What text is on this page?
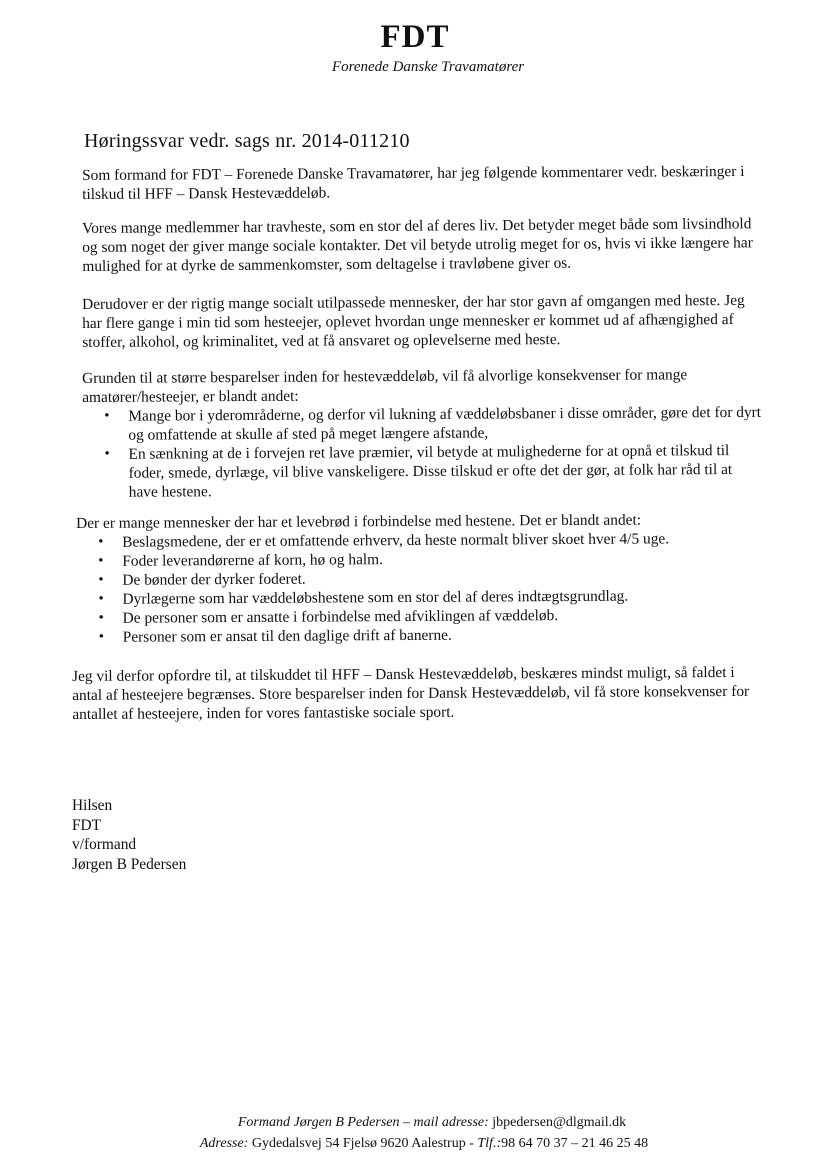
FDT
Forenede Danske Travamatører
Høringssvar vedr. sags nr. 2014-011210

Som formand for FDT – Forenede Danske Travamatører, har jeg følgende kommentarer vedr. beskæringer i tilskud til HFF – Dansk Hestevæddeløb.

Vores mange medlemmer har travheste, som en stor del af deres liv. Det betyder meget både som livsindhold og som noget der giver mange sociale kontakter. Det vil betyde utrolig meget for os, hvis vi ikke længere har mulighed for at dyrke de sammenkomster, som deltagelse i travløbene giver os.

Derudover er der rigtig mange socialt utilpassede mennesker, der har stor gavn af omgangen med heste. Jeg har flere gange i min tid som hesteejer, oplevet hvordan unge mennesker er kommet ud af afhængighed af stoffer, alkohol, og kriminalitet, ved at få ansvaret og oplevelserne med heste.

Grunden til at større besparelser inden for hestevæddeløb, vil få alvorlige konsekvenser for mange amatører/hesteejer, er blandt andet:
• Mange bor i yderområderne, og derfor vil lukning af væddeløbsbaner i disse områder, gøre det for dyrt og omfattende at skulle af sted på meget længere afstande,
• En sænkning at de i forvejen ret lave præmier, vil betyde at mulighederne for at opnå et tilskud til foder, smede, dyrlæge, vil blive vanskeligere. Disse tilskud er ofte det der gør, at folk har råd til at have hestene.
Der er mange mennesker der har et levebrød i forbindelse med hestene. Det er blandt andet:
• Beslagsmedene, der er et omfattende erhverv, da heste normalt bliver skoet hver 4/5 uge.
• Foder leverandørerne af korn, hø og halm.
• De bønder der dyrker foderet.
• Dyrlægerne som har væddeløbshestene som en stor del af deres indtægtsgrundlag.
• De personer som er ansatte i forbindelse med afviklingen af væddeløb.
• Personer som er ansat til den daglige drift af banerne.

Jeg vil derfor opfordre til, at tilskuddet til HFF – Dansk Hestevæddeløb, beskæres mindst muligt, så faldet i antal af hesteejere begrænses. Store besparelser inden for Dansk Hestevæddeløb, vil få store konsekvenser for antallet af hesteejere, inden for vores fantastiske sociale sport.

Hilsen
FDT
v/formand
Jørgen B Pedersen
Formand Jørgen B Pedersen – mail adresse: jbpedersen@dlgmail.dk
Adresse: Gydedalsvej 54 Fjelsø 9620 Aalestrup - Tlf.:98 64 70 37 – 21 46 25 48
